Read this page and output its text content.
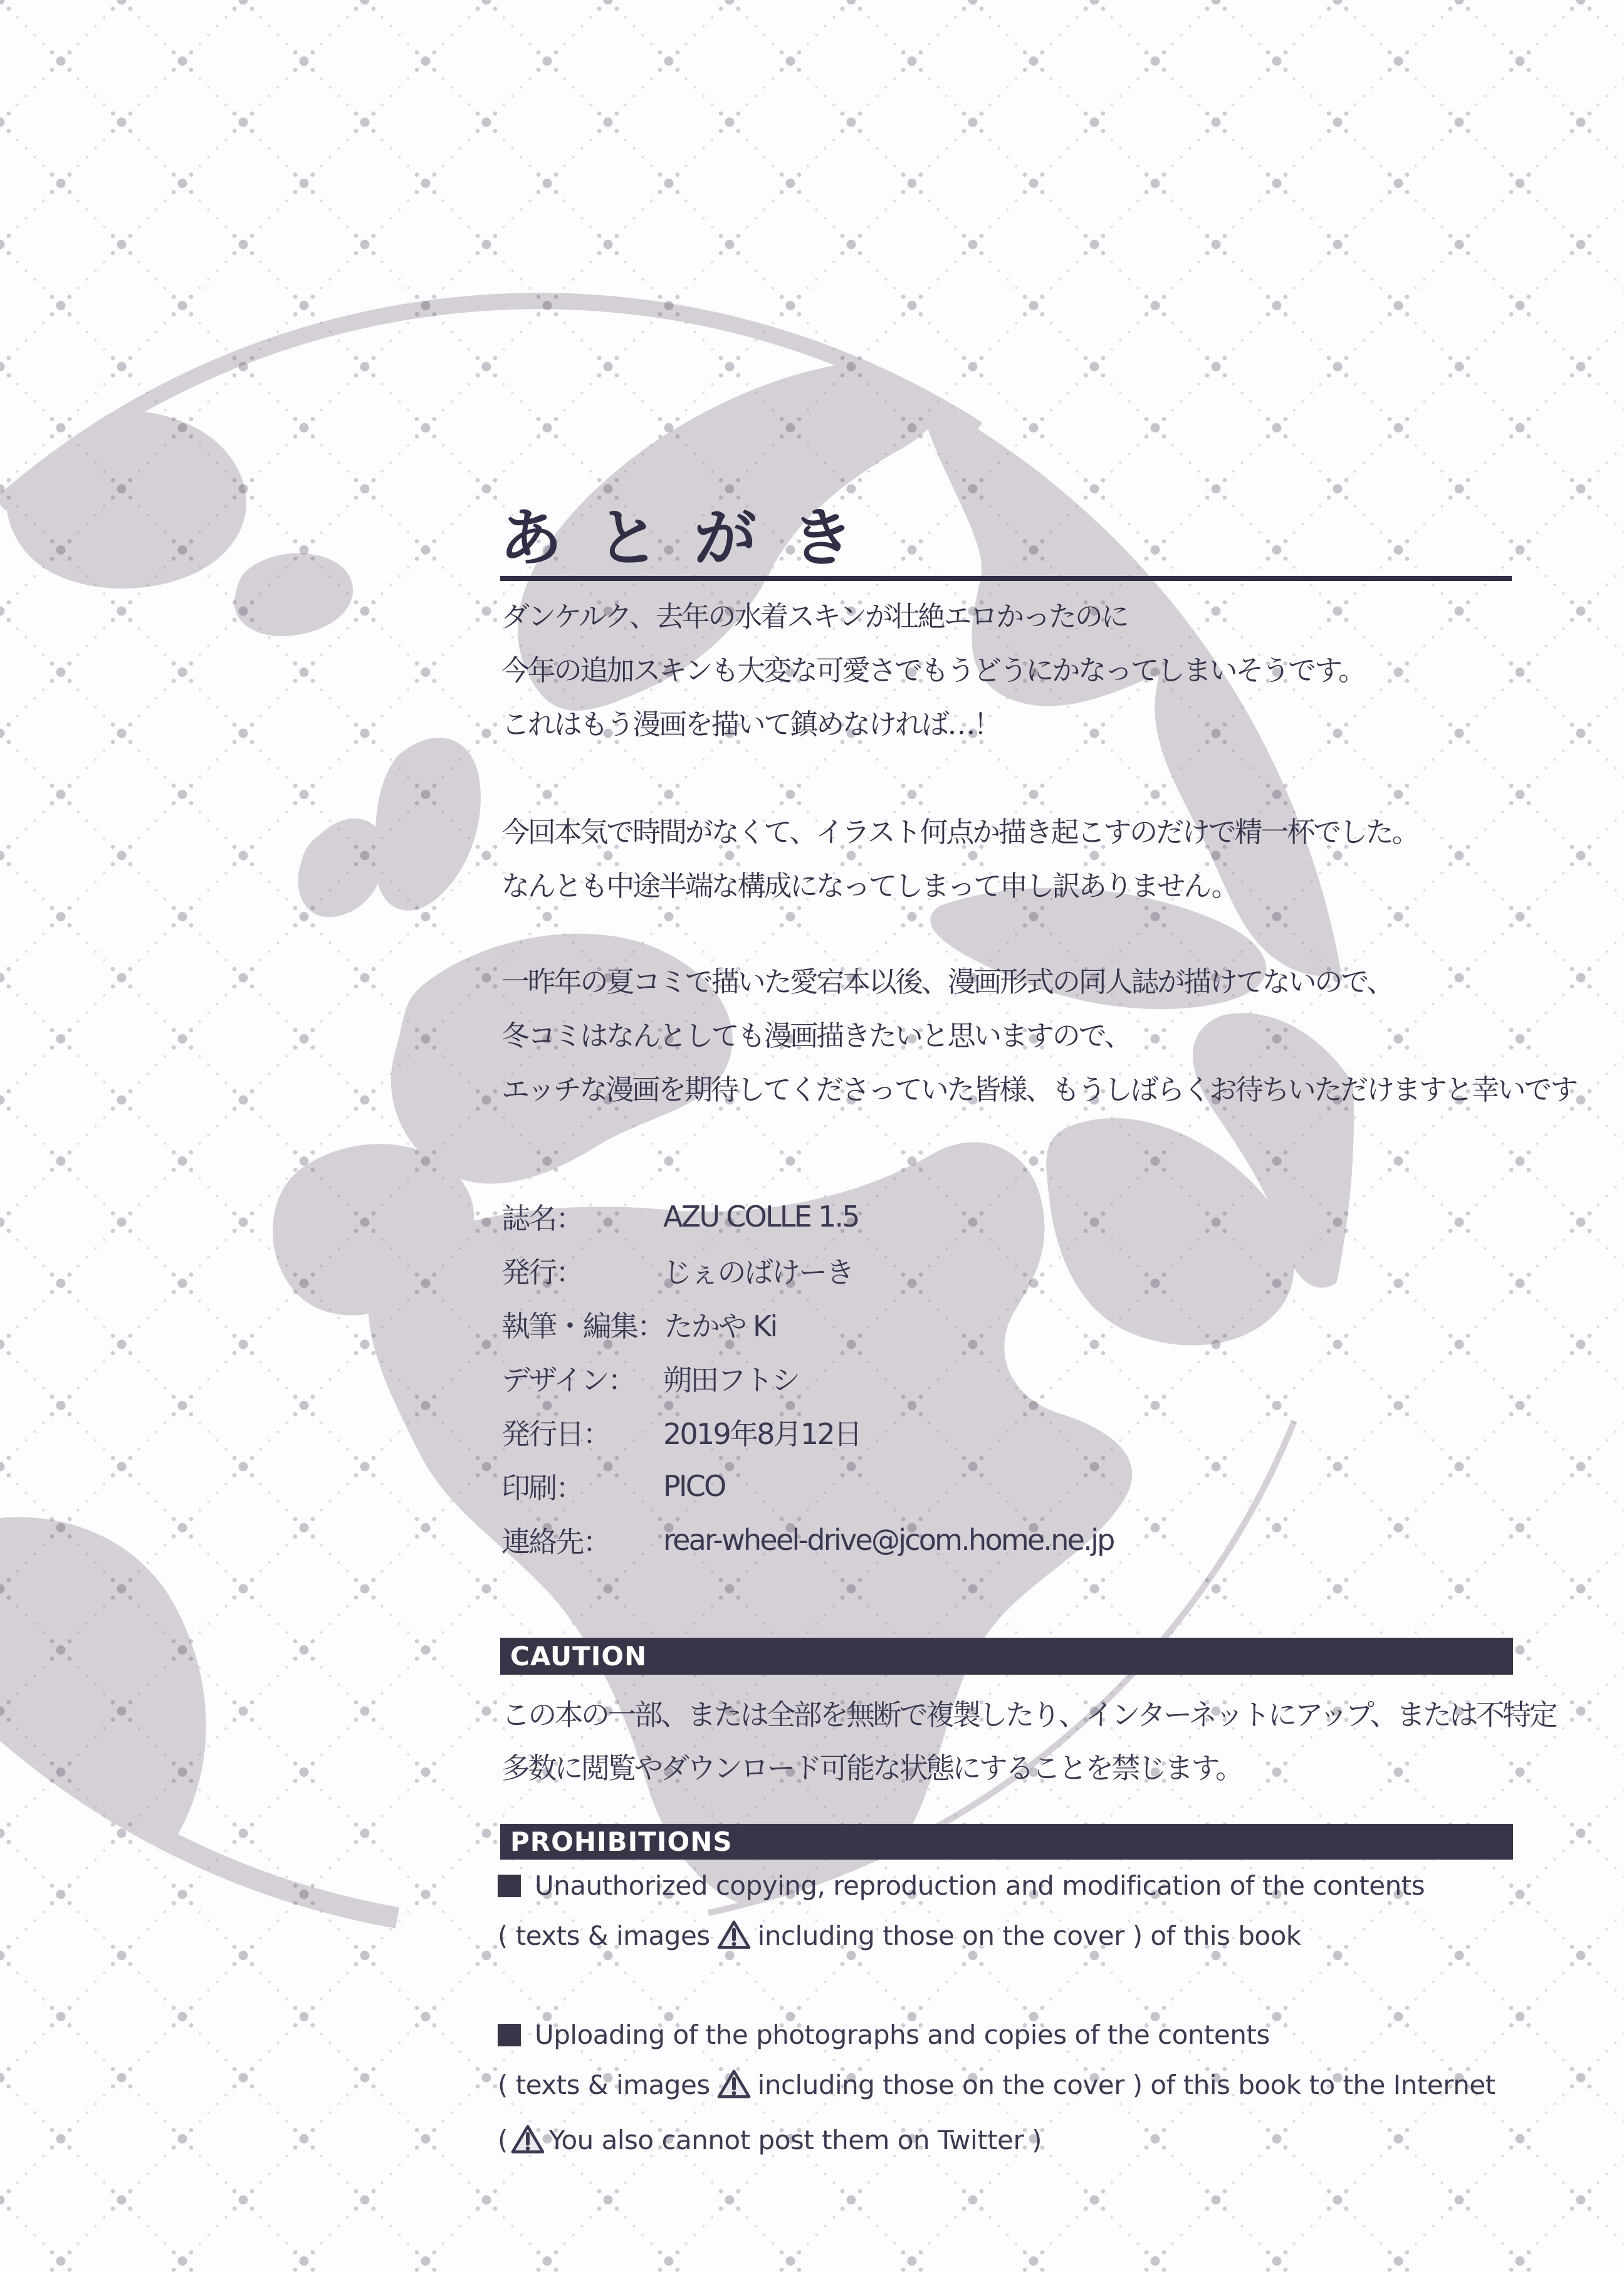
あとがき
ダンケルク、去年の水着スキンが壮絶エロかったのに
今年の追加スキンも大変な可愛さでもうどうにかなってしまいそうです。
これはもう漫画を描いて鎮めなければ…！
今回本気で時間がなくて、イラスト何点か描き起こすのだけで精一杯でした。
なんとも中途半端な構成になってしまって申し訳ありません。
一昨年の夏コミで描いた愛宕本以後、漫画形式の同人誌が描けてないので、
冬コミはなんとしても漫画描きたいと思いますので、
エッチな漫画を期待してくださっていた皆様、もうしばらくお待ちいただけますと幸いです
誌名：	AZU COLLE 1.5
発行：	じぇのばけーき
執筆・編集： たかや Ki
デザイン： 朔田フトシ
発行日：	2019年8月12日
印刷：	PICO
連絡先：	rear-wheel-drive@jcom.home.ne.jp
CAUTION
この本の一部、または全部を無断で複製したり、インターネットにアップ、または不特定
多数に閲覧やダウンロード可能な状態にすることを禁じます。
PROHIBITIONS
Unauthorized copying, reproduction and modification of the contents
( texts & images including those on the cover ) of this book
Uploading of the photographs and copies of the contents
( texts & images including those on the cover ) of this book to the Internet
( You also cannot post them on Twitter )
